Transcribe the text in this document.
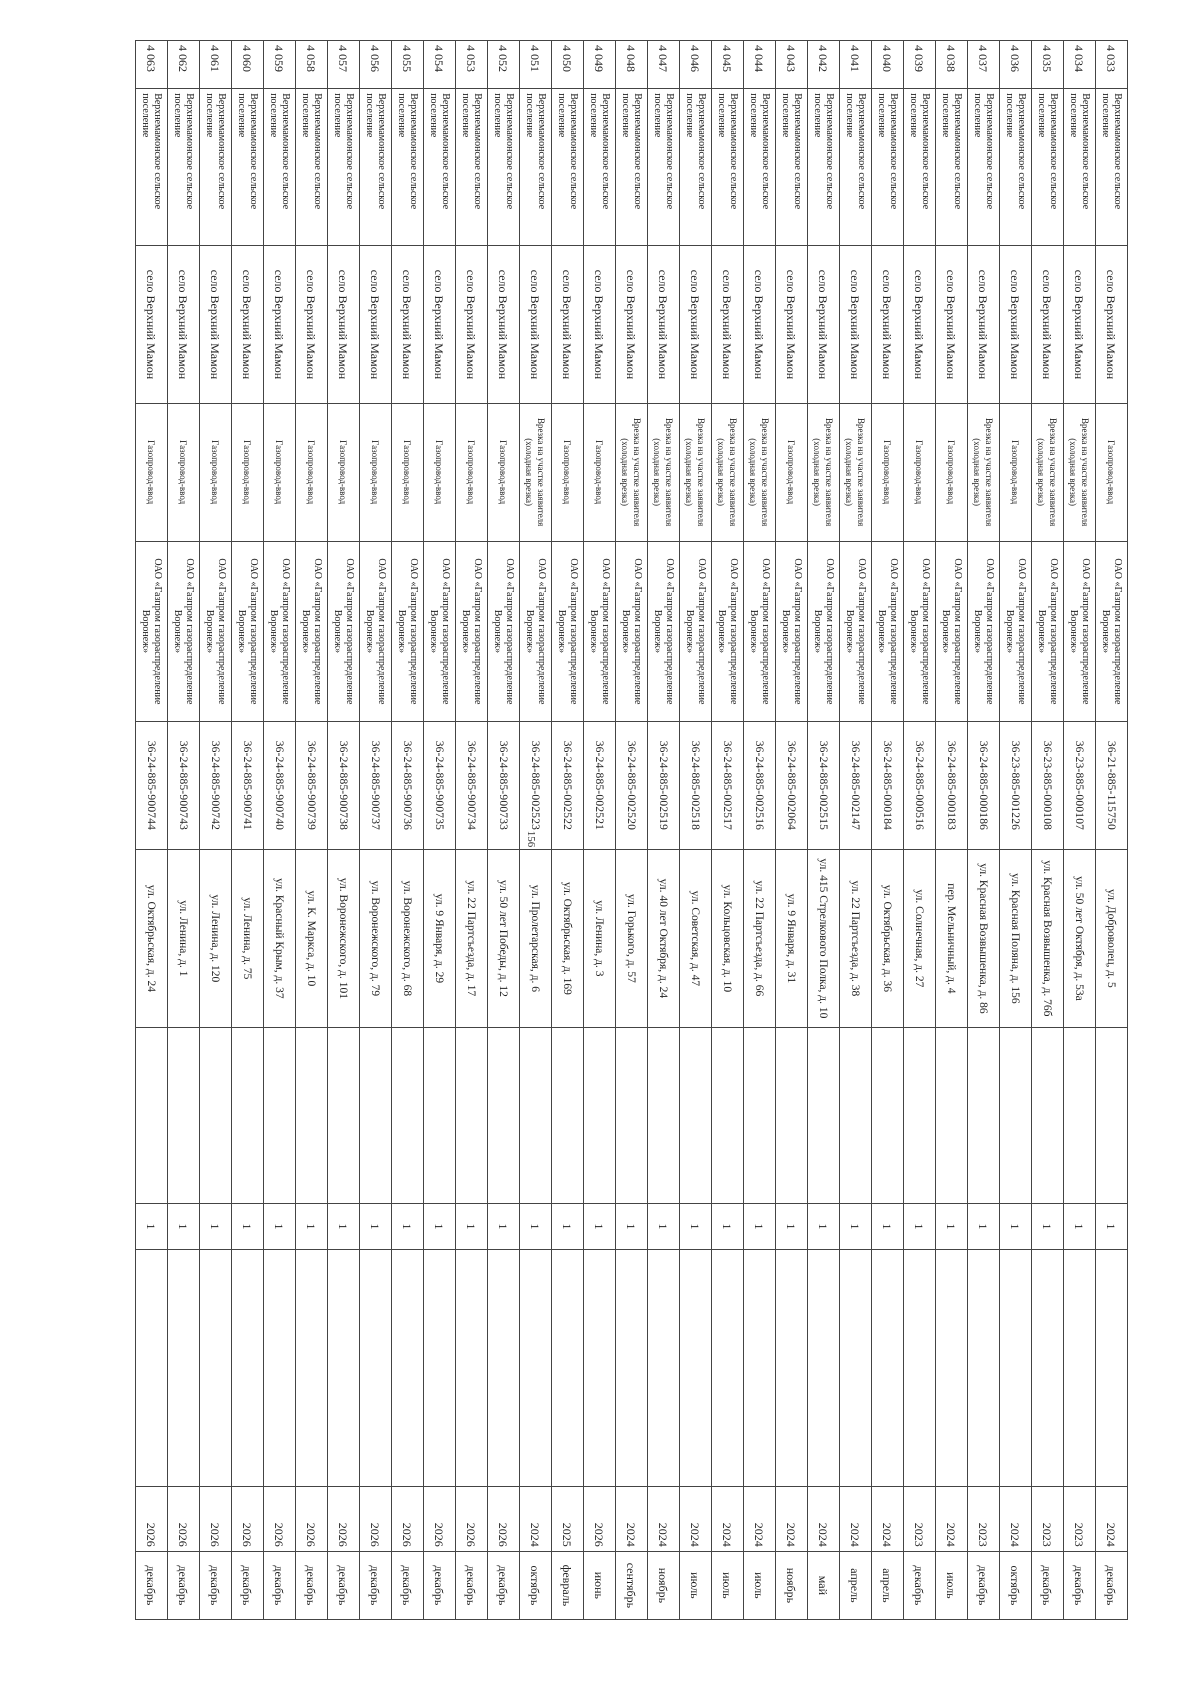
156
4 033	Верхнемамонское сельское поселение	село Верхний Мамон	Газопровод-ввод	ОАО «Газпром газораспределение Воронеж»	36-21-885-115750	ул. Доброволец, д. 5		1		2024	декабрь
4 034	Верхнемамонское сельское поселение	село Верхний Мамон	Врезка на участке заявителя (холодная врезка)	ОАО «Газпром газораспределение Воронеж»	36-23-885-000107	ул. 50 лет Октября, д. 53а		1		2023	декабрь
4 035	Верхнемамонское сельское поселение	село Верхний Мамон	Врезка на участке заявителя (холодная врезка)	ОАО «Газпром газораспределение Воронеж»	36-23-885-000108	ул. Красная Возвышенка, д. 76б		1		2023	декабрь
4 036	Верхнемамонское сельское поселение	село Верхний Мамон	Газопровод-ввод	ОАО «Газпром газораспределение Воронеж»	36-23-885-001226	ул. Красная Поляна, д. 156		1		2024	октябрь
4 037	Верхнемамонское сельское поселение	село Верхний Мамон	Врезка на участке заявителя (холодная врезка)	ОАО «Газпром газораспределение Воронеж»	36-24-885-000186	ул. Красная Возвышенка, д. 86		1		2023	декабрь
4 038	Верхнемамонское сельское поселение	село Верхний Мамон	Газопровод-ввод	ОАО «Газпром газораспределение Воронеж»	36-24-885-000183	пер. Мельничный, д. 4		1		2024	июль
4 039	Верхнемамонское сельское поселение	село Верхний Мамон	Газопровод-ввод	ОАО «Газпром газораспределение Воронеж»	36-24-885-000516	ул. Солнечная, д. 27		1		2023	декабрь
4 040	Верхнемамонское сельское поселение	село Верхний Мамон	Газопровод-ввод	ОАО «Газпром газораспределение Воронеж»	36-24-885-000184	ул. Октябрьская, д. 36		1		2024	апрель
4 041	Верхнемамонское сельское поселение	село Верхний Мамон	Врезка на участке заявителя (холодная врезка)	ОАО «Газпром газораспределение Воронеж»	36-24-885-002147	ул. 22 Партсъезда, д. 38		1		2024	апрель
4 042	Верхнемамонское сельское поселение	село Верхний Мамон	Врезка на участке заявителя (холодная врезка)	ОАО «Газпром газораспределение Воронеж»	36-24-885-002515	ул. 415 Стрелкового Полка, д. 10		1		2024	май
4 043	Верхнемамонское сельское поселение	село Верхний Мамон	Газопровод-ввод	ОАО «Газпром газораспределение Воронеж»	36-24-885-002064	ул. 9 Января, д. 31		1		2024	ноябрь
4 044	Верхнемамонское сельское поселение	село Верхний Мамон	Врезка на участке заявителя (холодная врезка)	ОАО «Газпром газораспределение Воронеж»	36-24-885-002516	ул. 22 Партсъезда, д. 66		1		2024	июль
4 045	Верхнемамонское сельское поселение	село Верхний Мамон	Врезка на участке заявителя (холодная врезка)	ОАО «Газпром газораспределение Воронеж»	36-24-885-002517	ул. Кольцовская, д. 10		1		2024	июль
4 046	Верхнемамонское сельское поселение	село Верхний Мамон	Врезка на участке заявителя (холодная врезка)	ОАО «Газпром газораспределение Воронеж»	36-24-885-002518	ул. Советская, д. 47		1		2024	июль
4 047	Верхнемамонское сельское поселение	село Верхний Мамон	Врезка на участке заявителя (холодная врезка)	ОАО «Газпром газораспределение Воронеж»	36-24-885-002519	ул. 40 лет Октября, д. 24		1		2024	ноябрь
4 048	Верхнемамонское сельское поселение	село Верхний Мамон	Врезка на участке заявителя (холодная врезка)	ОАО «Газпром газораспределение Воронеж»	36-24-885-002520	ул. Горького, д. 57		1		2024	сентябрь
4 049	Верхнемамонское сельское поселение	село Верхний Мамон	Газопровод-ввод	ОАО «Газпром газораспределение Воронеж»	36-24-885-002521	ул. Ленина, д. 3		1		2026	июнь
4 050	Верхнемамонское сельское поселение	село Верхний Мамон	Газопровод-ввод	ОАО «Газпром газораспределение Воронеж»	36-24-885-002522	ул. Октябрьская, д. 169		1		2025	февраль
4 051	Верхнемамонское сельское поселение	село Верхний Мамон	Врезка на участке заявителя (холодная врезка)	ОАО «Газпром газораспределение Воронеж»	36-24-885-002523	ул. Пролетарская, д. 6		1		2024	октябрь
4 052	Верхнемамонское сельское поселение	село Верхний Мамон	Газопровод-ввод	ОАО «Газпром газораспределение Воронеж»	36-24-885-900733	ул. 50 лет Победы, д. 12		1		2026	декабрь
4 053	Верхнемамонское сельское поселение	село Верхний Мамон	Газопровод-ввод	ОАО «Газпром газораспределение Воронеж»	36-24-885-900734	ул. 22 Партсъезда, д. 17		1		2026	декабрь
4 054	Верхнемамонское сельское поселение	село Верхний Мамон	Газопровод-ввод	ОАО «Газпром газораспределение Воронеж»	36-24-885-900735	ул. 9 Января, д. 29		1		2026	декабрь
4 055	Верхнемамонское сельское поселение	село Верхний Мамон	Газопровод-ввод	ОАО «Газпром газораспределение Воронеж»	36-24-885-900736	ул. Воронежского, д. 68		1		2026	декабрь
4 056	Верхнемамонское сельское поселение	село Верхний Мамон	Газопровод-ввод	ОАО «Газпром газораспределение Воронеж»	36-24-885-900737	ул. Воронежского, д. 79		1		2026	декабрь
4 057	Верхнемамонское сельское поселение	село Верхний Мамон	Газопровод-ввод	ОАО «Газпром газораспределение Воронеж»	36-24-885-900738	ул. Воронежского, д. 101		1		2026	декабрь
4 058	Верхнемамонское сельское поселение	село Верхний Мамон	Газопровод-ввод	ОАО «Газпром газораспределение Воронеж»	36-24-885-900739	ул. К. Маркса, д. 10		1		2026	декабрь
4 059	Верхнемамонское сельское поселение	село Верхний Мамон	Газопровод-ввод	ОАО «Газпром газораспределение Воронеж»	36-24-885-900740	ул. Красный Крым, д. 37		1		2026	декабрь
4 060	Верхнемамонское сельское поселение	село Верхний Мамон	Газопровод-ввод	ОАО «Газпром газораспределение Воронеж»	36-24-885-900741	ул. Ленина, д. 75		1		2026	декабрь
4 061	Верхнемамонское сельское поселение	село Верхний Мамон	Газопровод-ввод	ОАО «Газпром газораспределение Воронеж»	36-24-885-900742	ул. Ленина, д. 120		1		2026	декабрь
4 062	Верхнемамонское сельское поселение	село Верхний Мамон	Газопровод-ввод	ОАО «Газпром газораспределение Воронеж»	36-24-885-900743	ул. Ленина, д. 1		1		2026	декабрь
4 063	Верхнемамонское сельское поселение	село Верхний Мамон	Газопровод-ввод	ОАО «Газпром газораспределение Воронеж»	36-24-885-900744	ул. Октябрьская, д. 24		1		2026	декабрь
